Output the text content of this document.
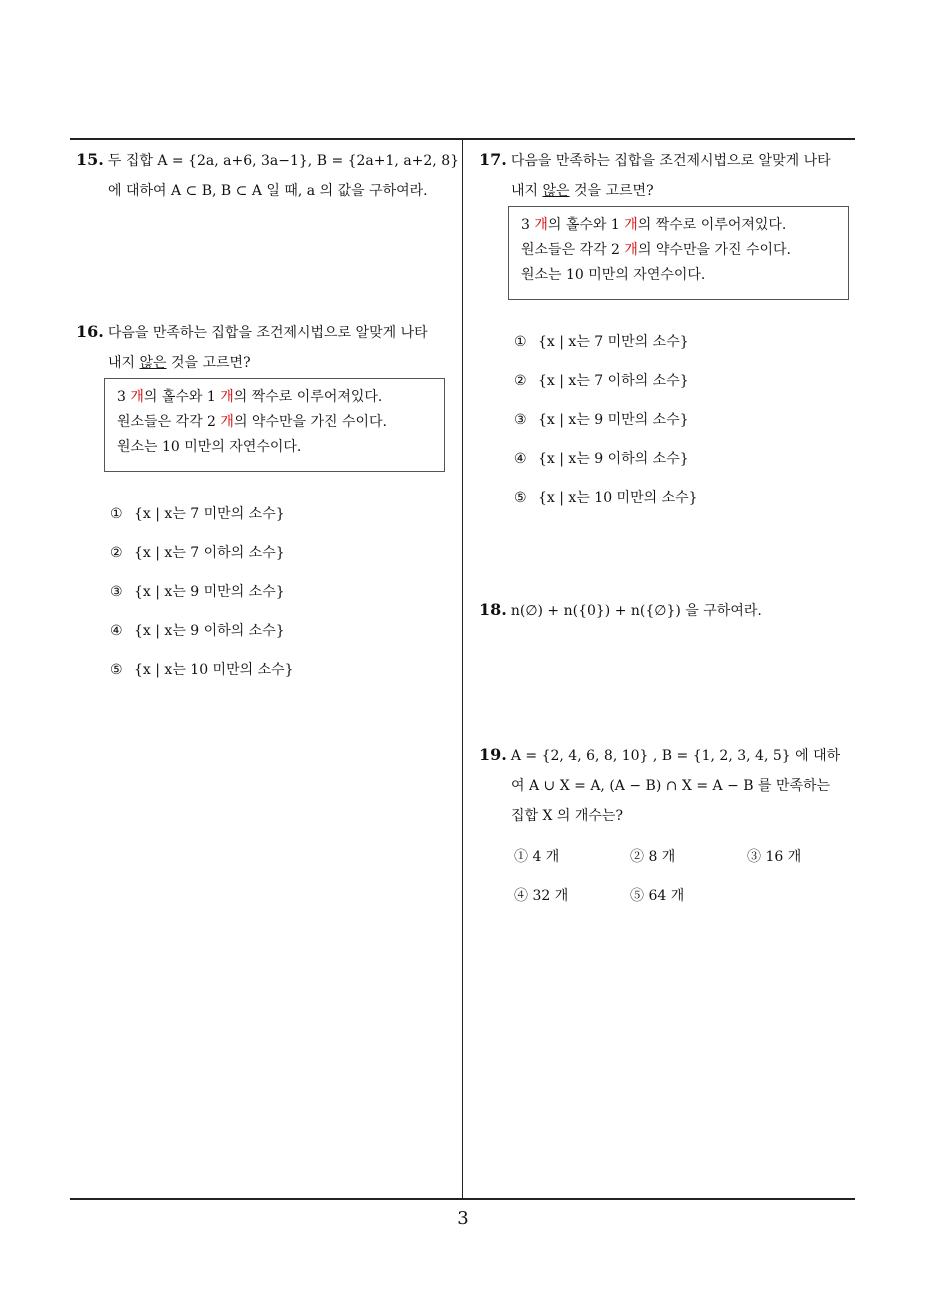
15. 두 집합 A = {2a, a+6, 3a−1}, B = {2a+1, a+2, 8}
에 대하여 A ⊂ B, B ⊂ A 일 때, a 의 값을 구하여라.
16. 다음을 만족하는 집합을 조건제시법으로 알맞게 나타
내지 않은 것을 고르면?
3 개의 홀수와 1 개의 짝수로 이루어져있다.
원소들은 각각 2 개의 약수만을 가진 수이다.
원소는 10 미만의 자연수이다.
① {x | x는 7 미만의 소수}
② {x | x는 7 이하의 소수}
③ {x | x는 9 미만의 소수}
④ {x | x는 9 이하의 소수}
⑤ {x | x는 10 미만의 소수}
17. 다음을 만족하는 집합을 조건제시법으로 알맞게 나타
내지 않은 것을 고르면?
3 개의 홀수와 1 개의 짝수로 이루어져있다.
원소들은 각각 2 개의 약수만을 가진 수이다.
원소는 10 미만의 자연수이다.
① {x | x는 7 미만의 소수}
② {x | x는 7 이하의 소수}
③ {x | x는 9 미만의 소수}
④ {x | x는 9 이하의 소수}
⑤ {x | x는 10 미만의 소수}
18. n(∅) + n({0}) + n({∅}) 을 구하여라.
19. A = {2, 4, 6, 8, 10} , B = {1, 2, 3, 4, 5} 에 대하
여 A ∪ X = A, (A − B) ∩ X = A − B 를 만족하는
집합 X 의 개수는?
① 4 개	② 8 개	③ 16 개
④ 32 개	⑤ 64 개
3
